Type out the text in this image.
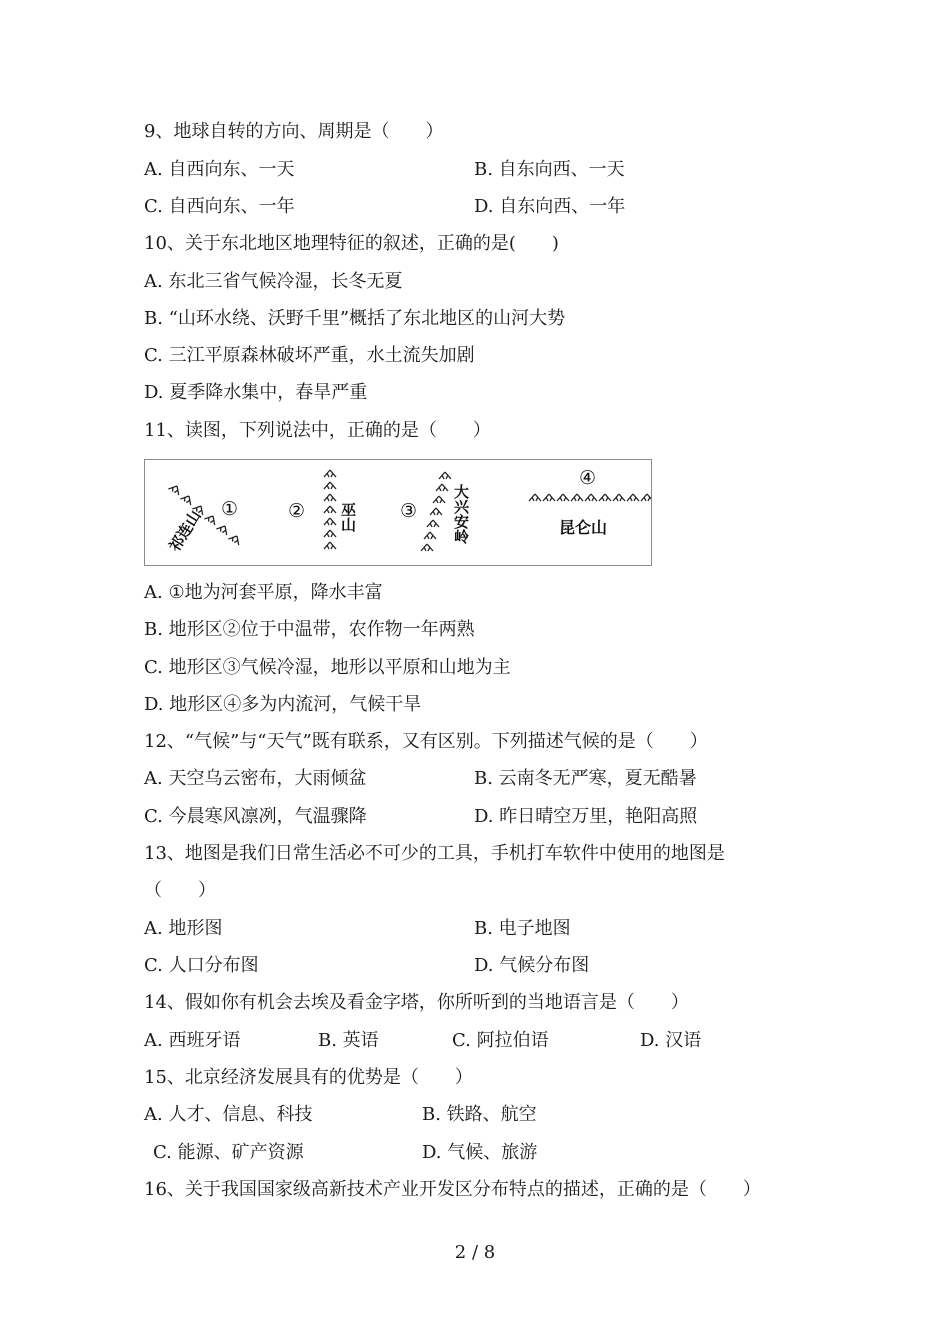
9、地球自转的方向、周期是（　　）
A. 自西向东、一天	B. 自东向西、一天
C. 自西向东、一年	D. 自东向西、一年
10、关于东北地区地理特征的叙述，正确的是(　　)
A. 东北三省气候冷湿，长冬无夏
B. “山环水绕、沃野千里”概括了东北地区的山河大势
C. 三江平原森林破坏严重，水土流失加剧
D. 夏季降水集中，春旱严重
11、读图，下列说法中，正确的是（　　）
①
祁连山	② 巫山 ③ 大兴安岭
④
昆仑山
A. ①地为河套平原，降水丰富
B. 地形区②位于中温带，农作物一年两熟
C. 地形区③气候冷湿，地形以平原和山地为主
D. 地形区④多为内流河，气候干旱
12、“气候”与“天气”既有联系，又有区别。下列描述气候的是（　　）
A. 天空乌云密布，大雨倾盆	B. 云南冬无严寒，夏无酷暑
C. 今晨寒风凛冽，气温骤降	D. 昨日晴空万里，艳阳高照
13、地图是我们日常生活必不可少的工具，手机打车软件中使用的地图是
（　　）
A. 地形图	B. 电子地图
C. 人口分布图	D. 气候分布图
14、假如你有机会去埃及看金字塔，你所听到的当地语言是（　　）
A. 西班牙语	B. 英语	C. 阿拉伯语	D. 汉语
15、北京经济发展具有的优势是（　　）
A. 人才、信息、科技	B. 铁路、航空
C. 能源、矿产资源	D. 气候、旅游
16、关于我国国家级高新技术产业开发区分布特点的描述，正确的是（　　）
2 / 8
